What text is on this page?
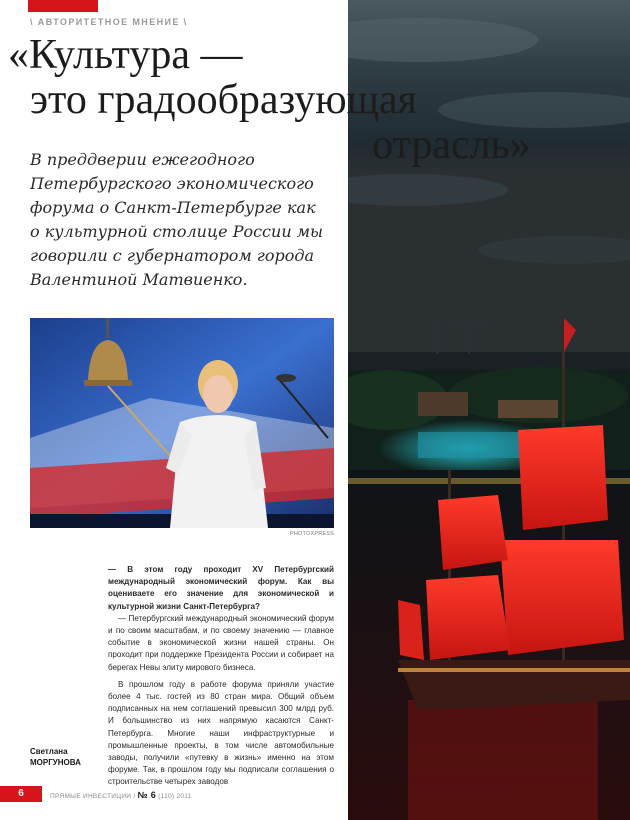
\ АВТОРИТЕТНОЕ МНЕНИЕ \
«Культура —
это градообразующая
отрасль»
В преддверии ежегодного Петербургского экономического форума о Санкт-Петербурге как о культурной столице России мы говорили с губернатором города Валентиной Матвиенко.
PHOTOXPRESS

— В этом году проходит XV Петербургский международный экономический форум. Как вы оцениваете его значение для экономической и культурной жизни Санкт-Петербурга?

— Петербургский международный экономический форум и по своим масштабам, и по своему значению — главное событие в экономической жизни нашей страны. Он проходит при поддержке Президента России и собирает на берегах Невы элиту мирового бизнеса.

В прошлом году в работе форума приняли участие более 4 тыс. гостей из 80 стран мира. Общий объем подписанных на нем соглашений превысил 300 млрд руб. И большинство из них напрямую касаются Санкт-Петербурга. Многие наши инфраструктурные и промышленные проекты, в том числе автомобильные заводы, получили «путевку в жизнь» именно на этом форуме. Так, в прошлом году мы подписали соглашения о строительстве четырех заводов

Светлана
МОРГУНОВА
6	ПРЯМЫЕ ИНВЕСТИЦИИ / № 6 (110) 2011
